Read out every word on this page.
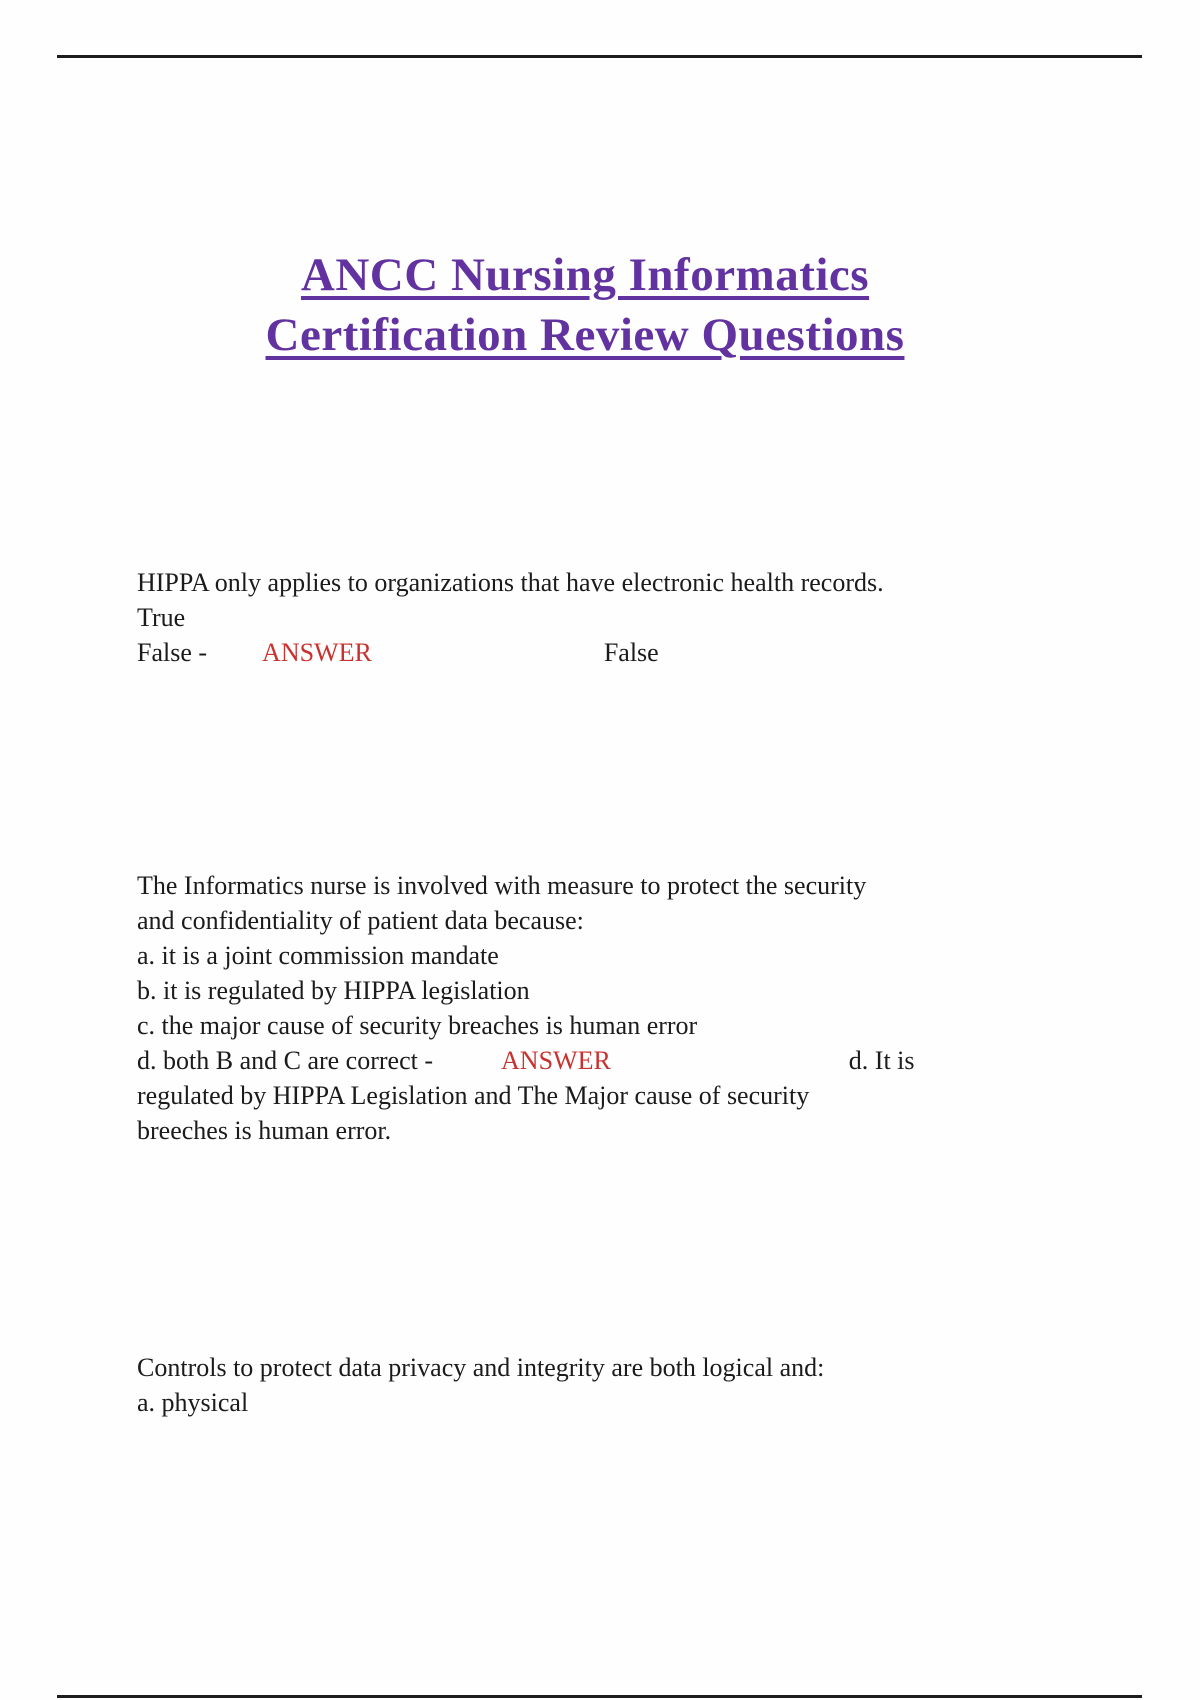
ANCC Nursing Informatics
Certification Review Questions
HIPPA only applies to organizations that have electronic health records.
True
False - ANSWER	False
The Informatics nurse is involved with measure to protect the security
and confidentiality of patient data because:
a. it is a joint commission mandate
b. it is regulated by HIPPA legislation
c. the major cause of security breaches is human error
d. both B and C are correct -	ANSWER	d. It is
regulated by HIPPA Legislation and The Major cause of security
breeches is human error.
Controls to protect data privacy and integrity are both logical and:
a. physical
